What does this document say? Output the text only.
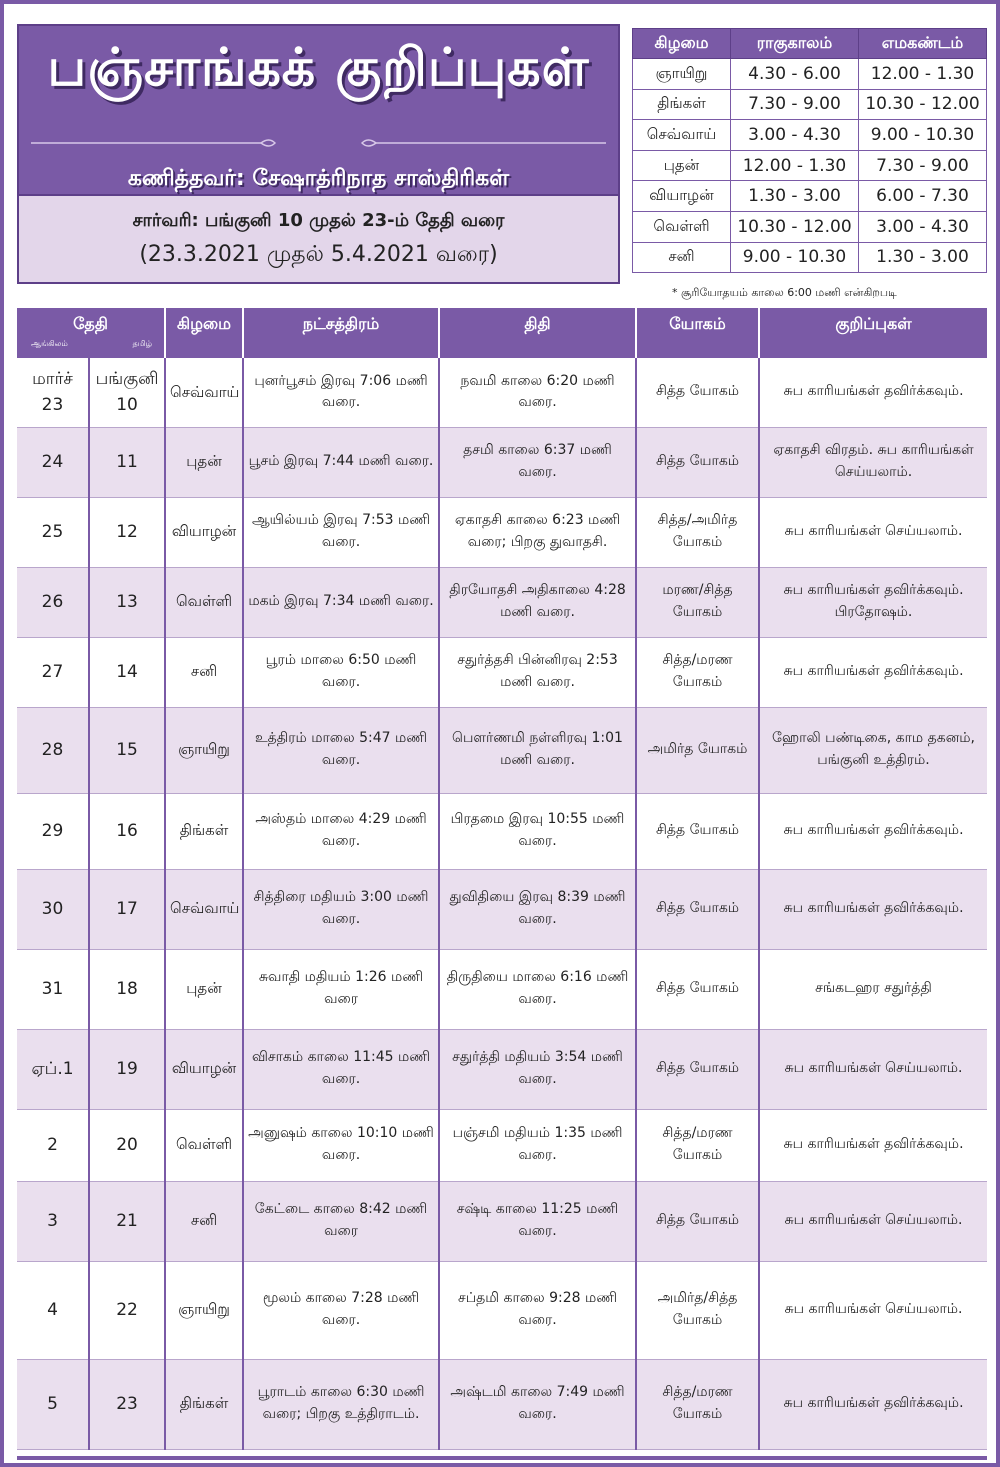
பஞ்சாங்கக் குறிப்புகள்
கணித்தவர்: சேஷாத்ரிநாத சாஸ்திரிகள்
சார்வரி: பங்குனி 10 முதல் 23-ம் தேதி வரை
(23.3.2021 முதல் 5.4.2021 வரை)
கிழமை	ராகுகாலம்	எமகண்டம்
ஞாயிறு	4.30 - 6.00	12.00 - 1.30
திங்கள்	7.30 - 9.00	10.30 - 12.00
செவ்வாய்	3.00 - 4.30	9.00 - 10.30
புதன்	12.00 - 1.30	7.30 - 9.00
வியாழன்	1.30 - 3.00	6.00 - 7.30
வெள்ளி	10.30 - 12.00	3.00 - 4.30
சனி	9.00 - 10.30	1.30 - 3.00
* சூரியோதயம் காலை 6:00 மணி என்கிறபடி
தேதி
ஆங்கிலம் தமிழ்		கிழமை	நட்சத்திரம்	திதி	யோகம்	குறிப்புகள்
மார்ச் 23	பங்குனி 10	செவ்வாய்	புனர்பூசம் இரவு 7:06 மணி வரை.	நவமி காலை 6:20 மணி வரை.	சித்த யோகம்	சுப காரியங்கள் தவிர்க்கவும்.
24	11	புதன்	பூசம் இரவு 7:44 மணி வரை.	தசமி காலை 6:37 மணி வரை.	சித்த யோகம்	ஏகாதசி விரதம். சுப காரியங்கள் செய்யலாம்.
25	12	வியாழன்	ஆயில்யம் இரவு 7:53 மணி வரை.	ஏகாதசி காலை 6:23 மணி வரை; பிறகு துவாதசி.	சித்த/அமிர்த யோகம்	சுப காரியங்கள் செய்யலாம்.
26	13	வெள்ளி	மகம் இரவு 7:34 மணி வரை.	திரயோதசி அதிகாலை 4:28 மணி வரை.	மரண/சித்த யோகம்	சுப காரியங்கள் தவிர்க்கவும். பிரதோஷம்.
27	14	சனி	பூரம் மாலை 6:50 மணி வரை.	சதுர்த்தசி பின்னிரவு 2:53 மணி வரை.	சித்த/மரண யோகம்	சுப காரியங்கள் தவிர்க்கவும்.
28	15	ஞாயிறு	உத்திரம் மாலை 5:47 மணி வரை.	பௌர்ணமி நள்ளிரவு 1:01 மணி வரை.	அமிர்த யோகம்	ஹோலி பண்டிகை, காம தகனம், பங்குனி உத்திரம்.
29	16	திங்கள்	அஸ்தம் மாலை 4:29 மணி வரை.	பிரதமை இரவு 10:55 மணி வரை.	சித்த யோகம்	சுப காரியங்கள் தவிர்க்கவும்.
30	17	செவ்வாய்	சித்திரை மதியம் 3:00 மணி வரை.	துவிதியை இரவு 8:39 மணி வரை.	சித்த யோகம்	சுப காரியங்கள் தவிர்க்கவும்.
31	18	புதன்	சுவாதி மதியம் 1:26 மணி வரை	திருதியை மாலை 6:16 மணி வரை.	சித்த யோகம்	சங்கடஹர சதுர்த்தி
ஏப்.1	19	வியாழன்	விசாகம் காலை 11:45 மணி வரை.	சதுர்த்தி மதியம் 3:54 மணி வரை.	சித்த யோகம்	சுப காரியங்கள் செய்யலாம்.
2	20	வெள்ளி	அனுஷம் காலை 10:10 மணி வரை.	பஞ்சமி மதியம் 1:35 மணி வரை.	சித்த/மரண யோகம்	சுப காரியங்கள் தவிர்க்கவும்.
3	21	சனி	கேட்டை காலை 8:42 மணி வரை	சஷ்டி காலை 11:25 மணி வரை.	சித்த யோகம்	சுப காரியங்கள் செய்யலாம்.
4	22	ஞாயிறு	மூலம் காலை 7:28 மணி வரை.	சப்தமி காலை 9:28 மணி வரை.	அமிர்த/சித்த யோகம்	சுப காரியங்கள் செய்யலாம்.
5	23	திங்கள்	பூராடம் காலை 6:30 மணி வரை; பிறகு உத்திராடம்.	அஷ்டமி காலை 7:49 மணி வரை.	சித்த/மரண யோகம்	சுப காரியங்கள் தவிர்க்கவும்.
